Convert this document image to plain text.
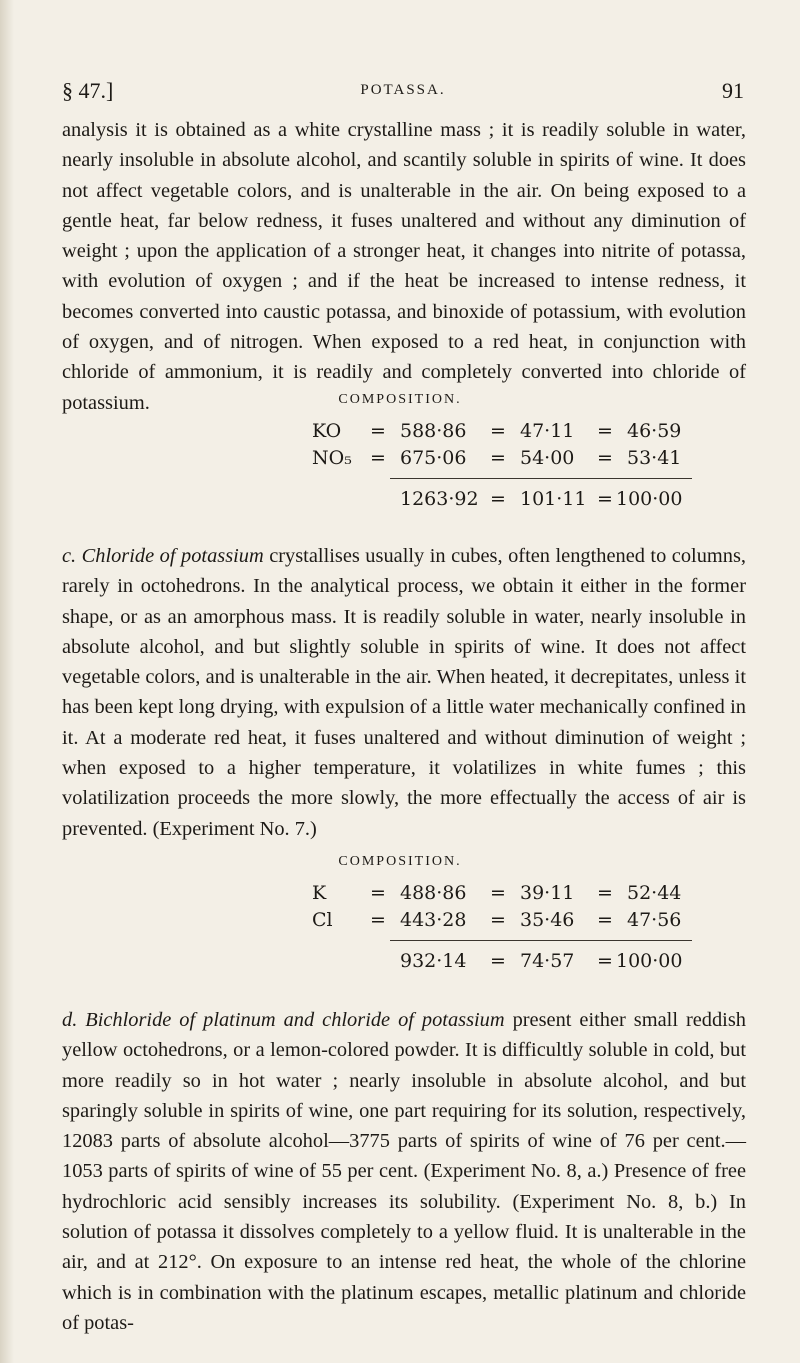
§ 47.]	POTASSA.	91

analysis it is obtained as a white crystalline mass ; it is readily soluble in water, nearly insoluble in absolute alcohol, and scantily soluble in spirits of wine. It does not affect vegetable colors, and is unalterable in the air. On being exposed to a gentle heat, far below redness, it fuses unaltered and without any diminution of weight ; upon the application of a stronger heat, it changes into nitrite of potassa, with evolution of oxygen ; and if the heat be increased to intense redness, it becomes converted into caustic potassa, and binoxide of potassium, with evolution of oxygen, and of nitrogen. When exposed to a red heat, in conjunction with chloride of ammonium, it is readily and completely converted into chloride of potassium.	COMPOSITION.
KO = 588·86 = 47·11 = 46·59
NO₅ = 675·06 = 54·00 = 53·41
1263·92 = 101·11 = 100·00

c. Chloride of potassium crystallises usually in cubes, often lengthened to columns, rarely in octohedrons. In the analytical process, we obtain it either in the former shape, or as an amorphous mass. It is readily soluble in water, nearly insoluble in absolute alcohol, and but slightly soluble in spirits of wine. It does not affect vegetable colors, and is unalterable in the air. When heated, it decrepitates, unless it has been kept long drying, with expulsion of a little water mechanically confined in it. At a moderate red heat, it fuses unaltered and without diminution of weight ; when exposed to a higher temperature, it volatilizes in white fumes ; this volatilization proceeds the more slowly, the more effectually the access of air is prevented. (Experiment No. 7.)

COMPOSITION.
K = 488·86 = 39·11 = 52·44
Cl = 443·28 = 35·46 = 47·56
932·14 = 74·57 = 100·00

d. Bichloride of platinum and chloride of potassium present either small reddish yellow octohedrons, or a lemon-colored powder. It is difficultly soluble in cold, but more readily so in hot water ; nearly insoluble in absolute alcohol, and but sparingly soluble in spirits of wine, one part requiring for its solution, respectively, 12083 parts of absolute alcohol—3775 parts of spirits of wine of 76 per cent.—1053 parts of spirits of wine of 55 per cent. (Experiment No. 8, a.) Presence of free hydrochloric acid sensibly increases its solubility. (Experiment No. 8, b.) In solution of potassa it dissolves completely to a yellow fluid. It is unalterable in the air, and at 212°. On exposure to an intense red heat, the whole of the chlorine which is in combination with the platinum escapes, metallic platinum and chloride of potas-
